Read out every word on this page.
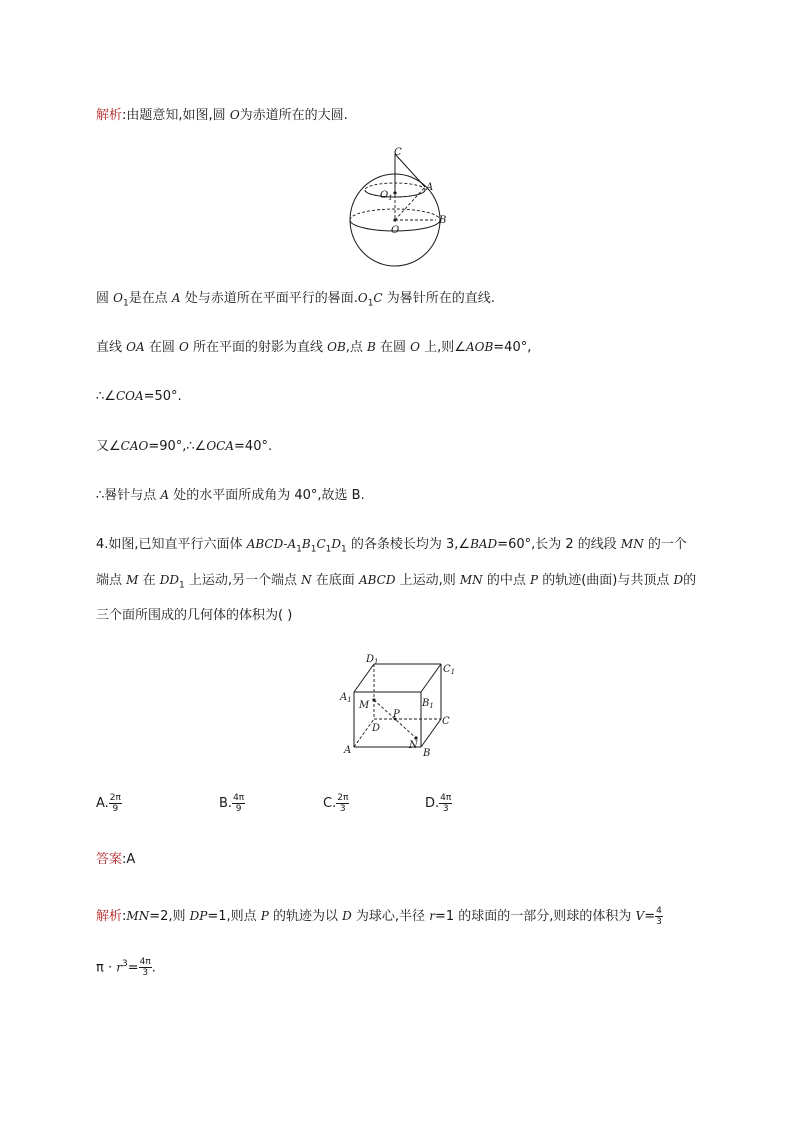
解析:由题意知,如图,圆 O为赤道所在的大圆.
C
A
$O_1$
O
B
圆 $O_1$是在点 A 处与赤道所在平面平行的晷面$.O_1C$ 为晷针所在的直线.
直线 OA 在圆 O 所在平面的射影为直线 OB,点 B 在圆 O 上,则∠AOB=40°,
∴∠COA=50°.
又∠CAO=90°,∴∠OCA=40°.
∴晷针与点 A 处的水平面所成角为 40°,故选 B.
4.如图,已知直平行六面体 ABCD-$A_1B_1C_1D_1$ 的各条棱长均为 3,∠BAD=60°,长为 2 的线段 MN 的一个
端点 M 在 $DD_1$ 上运动,另一个端点 N 在底面 ABCD 上运动,则 MN 的中点 P 的轨迹(曲面)与共顶点 D的
三个面所围成的几何体的体积为( )
$D_1$
$C_1$
$A_1$	$B_1$
M
P
D
C
A	N
B
A. $\frac{2\pi}{9}$	B. $\frac{4\pi}{9}$	C. $\frac{2\pi}{3}$	D. $\frac{4\pi}{3}$
答案:A
解析:MN=2,则 DP=1,则点 P 的轨迹为以 D 为球心,半径 r=1 的球面的一部分,则球的体积为 $V= \frac{4}{3}$
$\pi \cdot r^3= \frac{4\pi}{3}$ .
